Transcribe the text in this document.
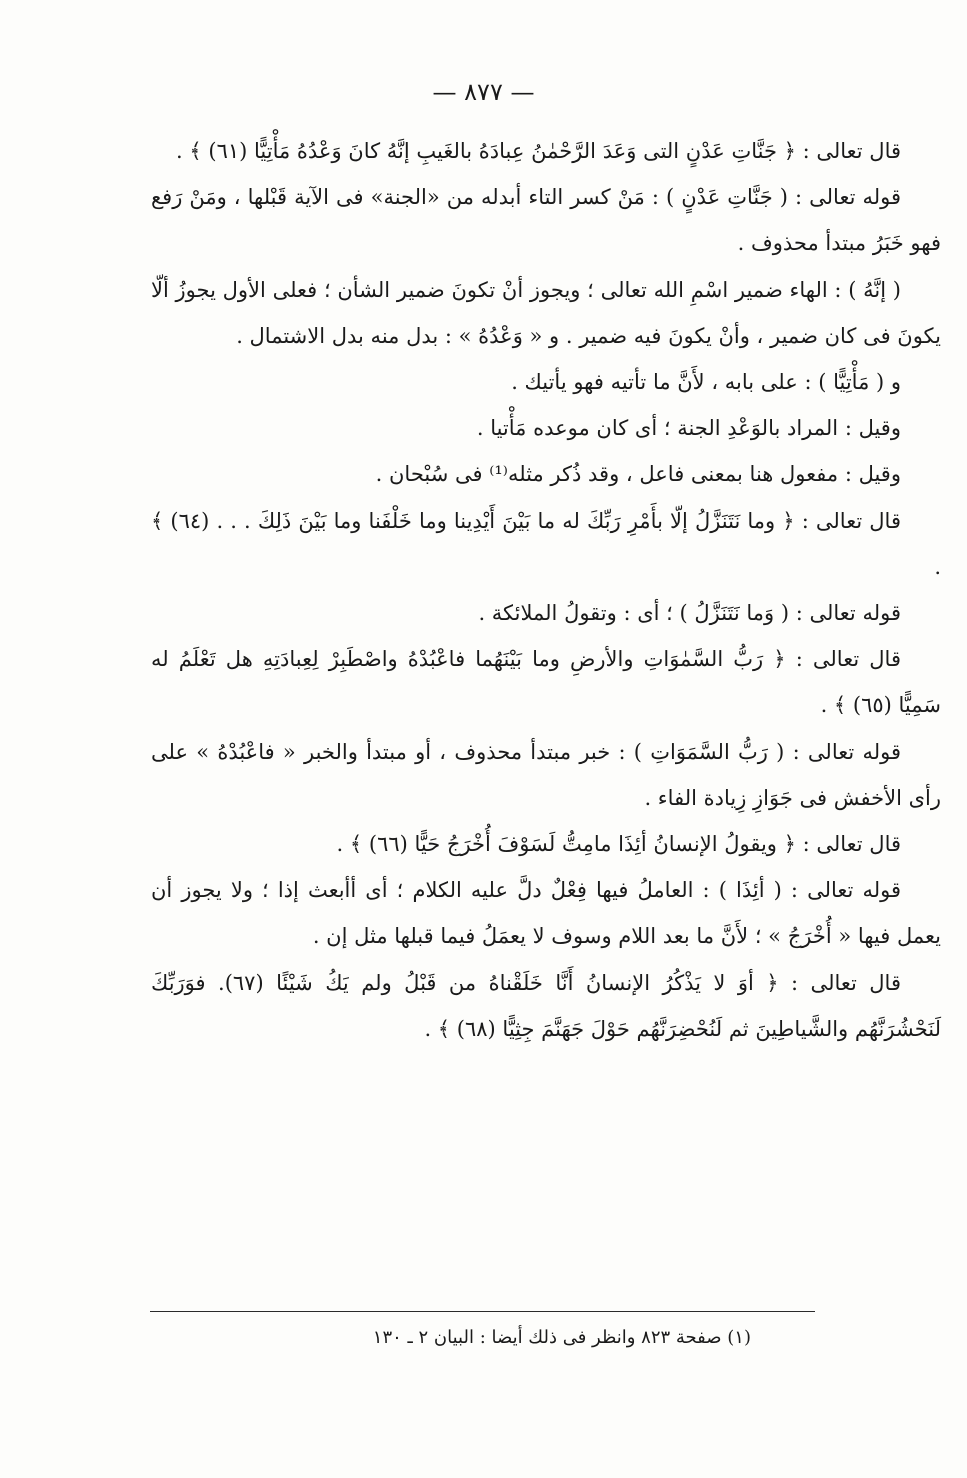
— ٨٧٧ —

قال تعالى : ﴿ جَنَّاتِ عَدْنٍ التى وَعَدَ الرَّحْمٰنُ عِبادَهُ بالغَيبِ إنَّهُ كانَ وَعْدُهُ مَأْتِيًّا (٦١) ﴾ .

قوله تعالى : ( جَنَّاتِ عَدْنٍ ) : مَنْ كسر التاء أبدله من «الجنة» فى الآية قَبْلها ، ومَنْ رَفع فهو خَبَرُ مبتدأ محذوف .

( إنَّهُ ) : الهاء ضمير اسْمِ الله تعالى ؛ ويجوز أنْ تكونَ ضمير الشأن ؛ فعلى الأول يجوزُ ألّا يكونَ فى كان ضمير ، وأنْ يكونَ فيه ضمير . و « وَعْدُهُ » : بدل منه بدل الاشتمال .

و ( مَأْتِيًّا ) : على بابه ، لأَنَّ ما تأتيه فهو يأتيك .

وقيل : المراد بالوَعْدِ الجنة ؛ أى كان موعده مَأْتيا .

وقيل : مفعول هنا بمعنى فاعل ، وقد ذُكر مثله⁽¹⁾ فى سُبْحان .

قال تعالى : ﴿ وما نَتَنَزَّلُ إلّا بأَمْرِ رَبِّكَ له ما بَيْنَ أَيْدِينا وما خَلْفَنا وما بَيْنَ ذَلِكَ . . . (٦٤) ﴾ .

قوله تعالى : ( وَما نَتَنَزَّلُ ) ؛ أى : وتقولُ الملائكة .

قال تعالى : ﴿ رَبُّ السَّمٰوَاتِ والأرضِ وما بَيْنَهُما فاعْبُدْهُ واصْطَبِرْ لِعِبادَتِهِ هل تَعْلَمُ له سَمِيًّا (٦٥) ﴾ .

قوله تعالى : ( رَبُّ السَّمَوَاتِ ) : خبر مبتدأ محذوف ، أو مبتدأ والخبر « فاعْبُدْهُ » على رأى الأخفش فى جَوَازِ زِيادة الفاء .

قال تعالى : ﴿ ويقولُ الإنسانُ أئِذَا مامِتُّ لَسَوْفَ أُخْرَجُ حَيًّا (٦٦) ﴾ .

قوله تعالى : ( أئِذَا ) : العاملُ فيها فِعْلٌ دلَّ عليه الكلام ؛ أى أأبعث إذا ؛ ولا يجوز أن يعمل فيها « أُخْرَجُ » ؛ لأَنَّ ما بعد اللام وسوف لا يعمَلُ فيما قبلها مثل إن .

قال تعالى : ﴿ أوَ لا يَذْكُرُ الإنسانُ أَنَّا خَلَقْناهُ من قَبْلُ ولم يَكُ شَيْئًا (٦٧). فوَرَبِّكَ لَنَحْشُرَنَّهُم والشَّياطِينَ ثم لَنُحْضِرَنَّهُم حَوْلَ جَهَنَّمَ جِثِيًّا (٦٨) ﴾ .

(١) صفحة ٨٢٣ وانظر فى ذلك أيضا : البيان ٢ ـ ١٣٠
